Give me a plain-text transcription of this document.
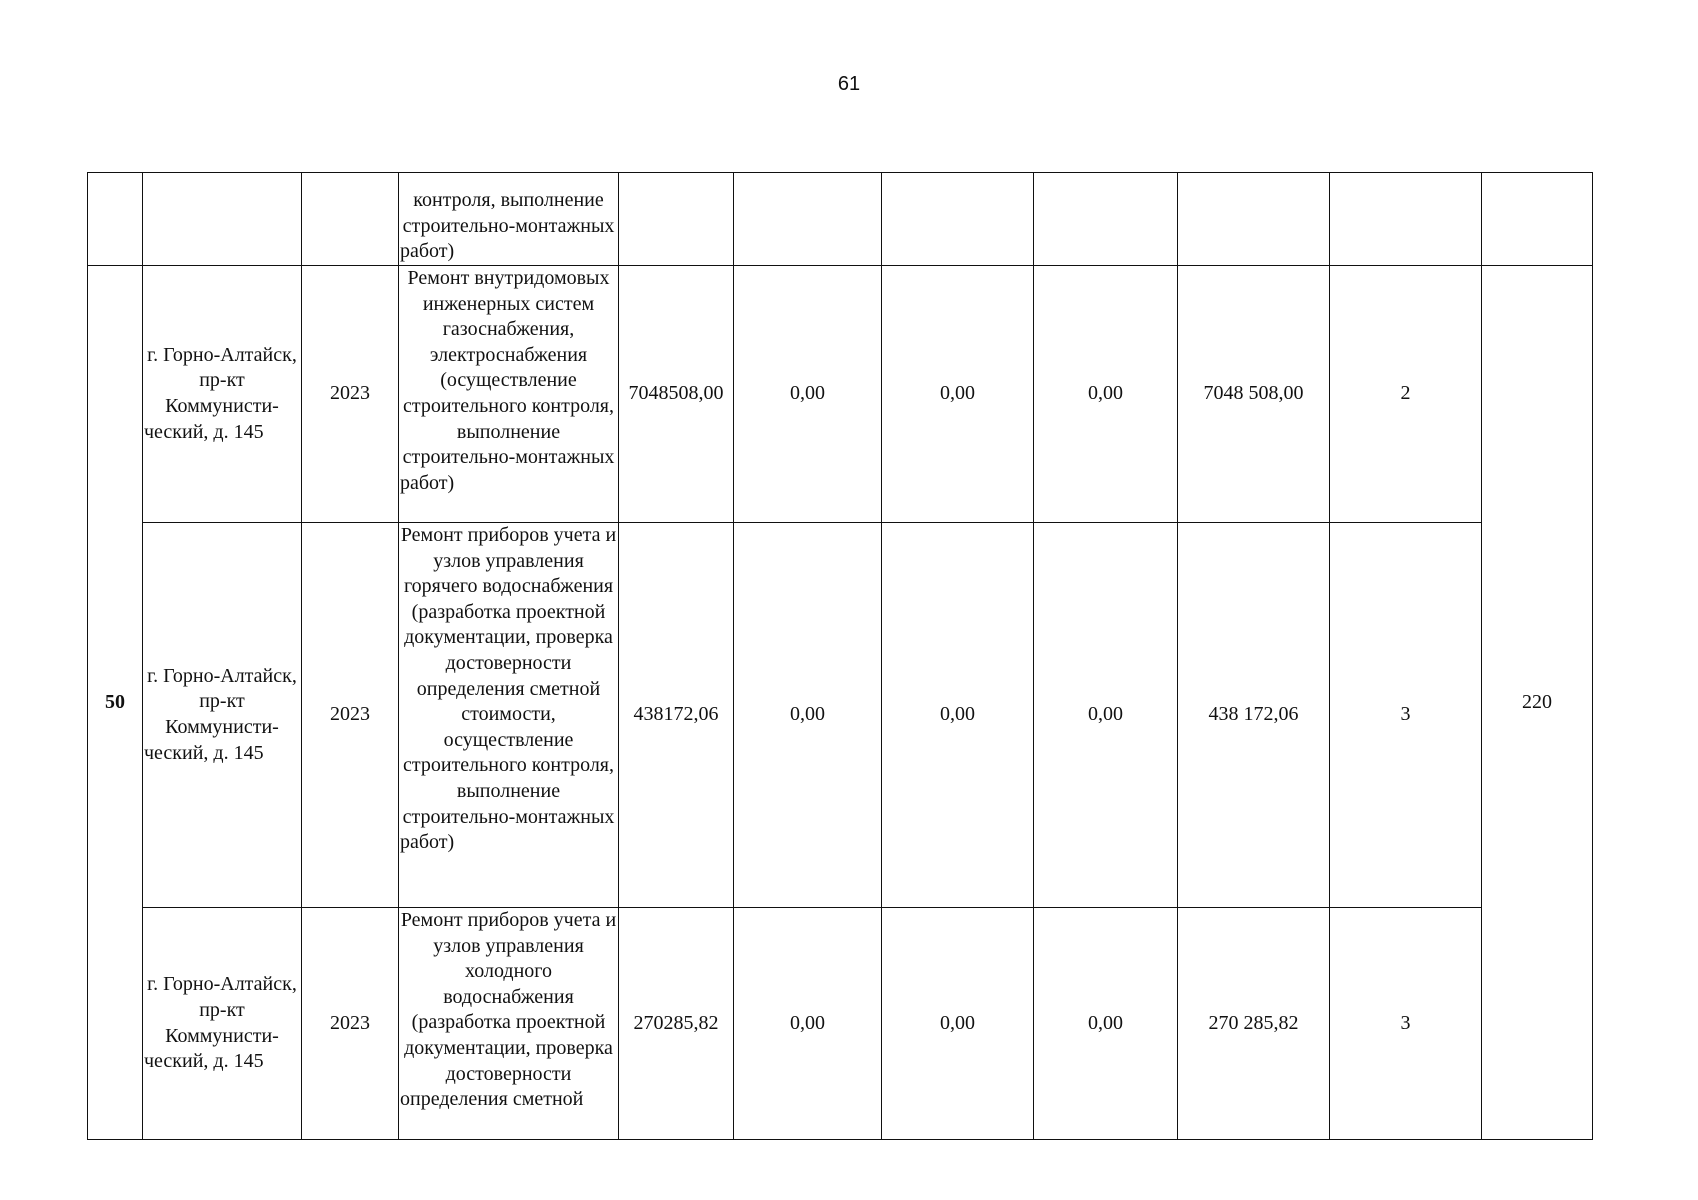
61

			контроля, выполнение строительно-монтажных работ)							

50	г. Горно-Алтайск, пр-кт Коммунисти-ческий, д. 145	2023	Ремонт внутридомовых инженерных систем газоснабжения, электроснабжения (осуществление строительного контроля, выполнение строительно-монтажных работ)	7048508,00	0,00	0,00	0,00	7048 508,00	2	220

	г. Горно-Алтайск, пр-кт Коммунисти-ческий, д. 145	2023	Ремонт приборов учета и узлов управления горячего водоснабжения (разработка проектной документации, проверка достоверности определения сметной стоимости, осуществление строительного контроля, выполнение строительно-монтажных работ)	438172,06	0,00	0,00	0,00	438 172,06	3	

	г. Горно-Алтайск, пр-кт Коммунисти-ческий, д. 145	2023	Ремонт приборов учета и узлов управления холодного водоснабжения (разработка проектной документации, проверка достоверности определения сметной	270285,82	0,00	0,00	0,00	270 285,82	3	
